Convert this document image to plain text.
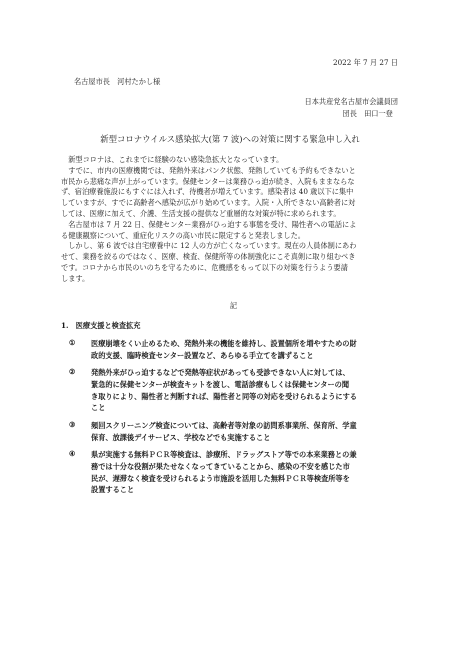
2022 年 7 月 27 日
名古屋市長　河村たかし様
日本共産党名古屋市会議員団
団長　田口一登
新型コロナウイルス感染拡大(第 7 波)への対策に関する緊急申し入れ

　新型コロナは、これまでに経験のない感染急拡大となっています。

　すでに、市内の医療機関では、発熱外来はパンク状態、発熱していても予約もできないと

市民から悲痛な声が上がっています。保健センターは業務ひっ迫が続き、入院もままならな

ず、宿泊療養施設にもすぐには入れず、待機者が増えています。感染者は 40 歳以下に集中

していますが、すでに高齢者へ感染が広がり始めています。入院・入所できない高齢者に対

しては、医療に加えて、介護、生活支援の提供など重層的な対策が特に求められます。

　名古屋市は 7 月 22 日、保健センター業務がひっ迫する事態を受け、陽性者への電話によ

る健康観察について、重症化リスクの高い市民に限定すると発表しました。

　しかし、第 6 波では自宅療養中に 12 人の方が亡くなっています。現在の人員体制にあわ

せて、業務を絞るのではなく、医療、検査、保健所等の体制強化にこそ真剣に取り組むべき

です。コロナから市民のいのちを守るために、危機感をもって以下の対策を行うよう要請

します。

記
1.　医療支援と検査拡充
①	医療崩壊をくい止めるため、発熱外来の機能を維持し、設置個所を増やすための財
政的支援、臨時検査センター設置など、あらゆる手立てを講ずること
②	発熱外来がひっ迫するなどで発熱等症状があっても受診できない人に対しては、
緊急的に保健センターが検査キットを渡し、電話診療もしくは保健センターの聞
き取りにより、陽性者と判断すれば、陽性者と同等の対応を受けられるようにする
こと
③	頻回スクリーニング検査については、高齢者等対象の訪問系事業所、保育所、学童
保育、放課後デイサービス、学校などでも実施すること
④	県が実施する無料ＰＣＲ等検査は、診療所、ドラッグストア等での本来業務との兼
務では十分な役割が果たせなくなってきていることから、感染の不安を感じた市
民が、遅滞なく検査を受けられるよう市施設を活用した無料ＰＣＲ等検査所等を
設置すること
